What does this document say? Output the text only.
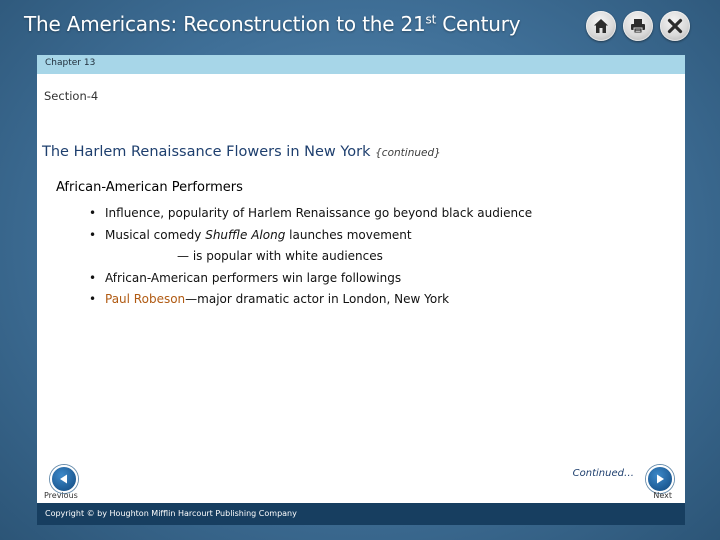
The Americans: Reconstruction to the 21st Century
Chapter 13
Section-4
The Harlem Renaissance Flowers in New York {continued}
African-American Performers
• Influence, popularity of Harlem Renaissance go beyond black audience
• Musical comedy Shuffle Along launches movement
— is popular with white audiences
• African-American performers win large followings
• Paul Robeson—major dramatic actor in London, New York
Continued…
Previous	Next
Copyright © by Houghton Mifflin Harcourt Publishing Company
